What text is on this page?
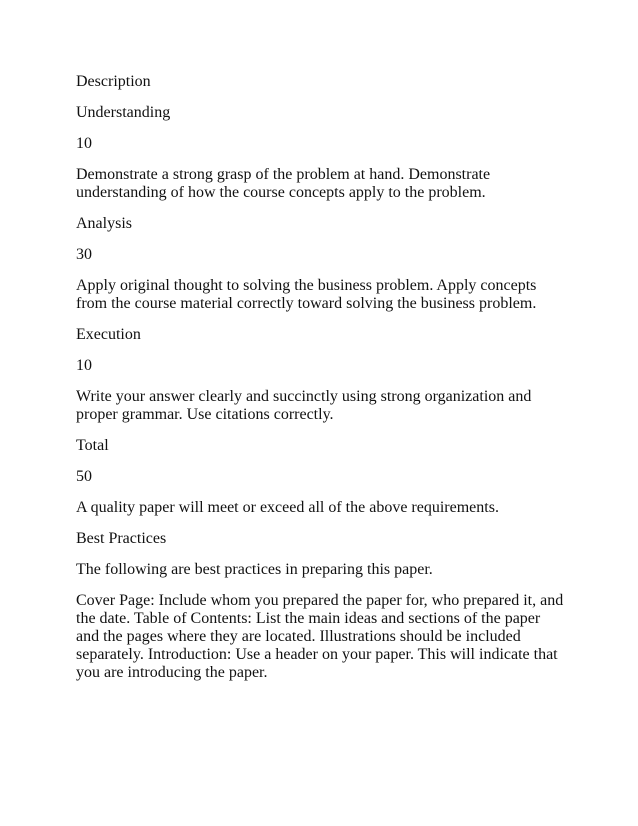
Description

Understanding

10

Demonstrate a strong grasp of the problem at hand. Demonstrate understanding of how the course concepts apply to the problem.

Analysis

30

Apply original thought to solving the business problem. Apply concepts from the course material correctly toward solving the business problem.

Execution

10

Write your answer clearly and succinctly using strong organization and proper grammar. Use citations correctly.

Total

50

A quality paper will meet or exceed all of the above requirements.

Best Practices

The following are best practices in preparing this paper.

Cover Page: Include whom you prepared the paper for, who prepared it, and the date. Table of Contents: List the main ideas and sections of the paper and the pages where they are located. Illustrations should be included separately. Introduction: Use a header on your paper. This will indicate that you are introducing the paper.
